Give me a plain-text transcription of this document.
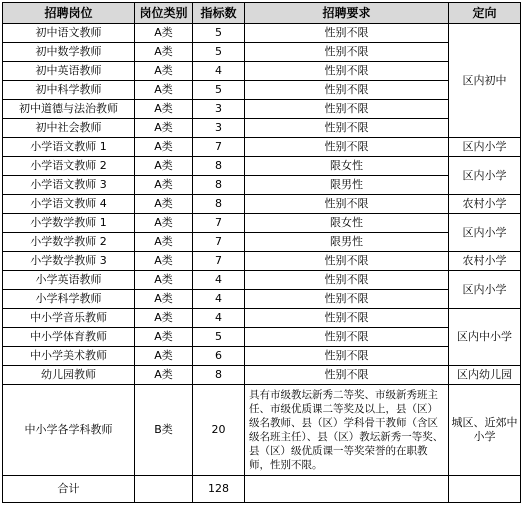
招聘岗位	岗位类别	指标数	招聘要求	定向
初中语文教师	A类	5	性别不限	区内初中
初中数学教师	A类	5	性别不限	
初中英语教师	A类	4	性别不限	
初中科学教师	A类	5	性别不限	
初中道德与法治教师	A类	3	性别不限	
初中社会教师	A类	3	性别不限	
小学语文教师 1	A类	7	性别不限	区内小学
小学语文教师 2	A类	8	限女性	区内小学
小学语文教师 3	A类	8	限男性	
小学语文教师 4	A类	8	性别不限	农村小学
小学数学教师 1	A类	7	限女性	区内小学
小学数学教师 2	A类	7	限男性	
小学数学教师 3	A类	7	性别不限	农村小学
小学英语教师	A类	4	性别不限	区内小学
小学科学教师	A类	4	性别不限	
中小学音乐教师	A类	4	性别不限	区内中小学
中小学体育教师	A类	5	性别不限	
中小学美术教师	A类	6	性别不限	
幼儿园教师	A类	8	性别不限	区内幼儿园
中小学各学科教师	B类	20	具有市级教坛新秀二等奖、市级新秀班主任、市级优质课二等奖及以上，县（区）级名教师、县（区）学科骨干教师（含区级名班主任）、县（区）教坛新秀一等奖、县（区）级优质课一等奖荣誉的在职教师，性别不限。	城区、近郊中小学
合计		128		
